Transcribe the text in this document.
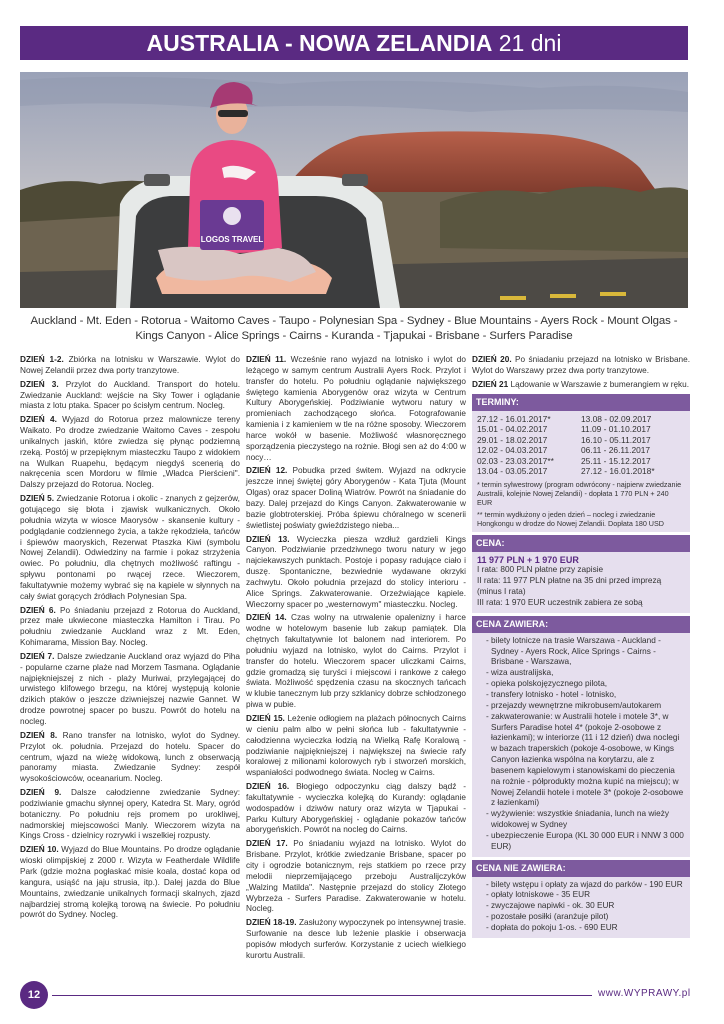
AUSTRALIA - NOWA ZELANDIA 21 dni
LOGOS TRAVEL
Auckland - Mt. Eden - Rotorua - Waitomo Caves - Taupo - Polynesian Spa - Sydney - Blue Mountains - Ayers Rock - Mount Olgas - Kings Canyon - Alice Springs - Cairns - Kuranda - Tjapukai - Brisbane - Surfers Paradise

DZIEŃ 1-2. Zbiórka na lotnisku w Warszawie. Wylot do Nowej Zelandii przez dwa porty tranzytowe.

DZIEŃ 3. Przylot do Auckland. Transport do hotelu. Zwiedzanie Auckland: wejście na Sky Tower i oglądanie miasta z lotu ptaka. Spacer po ścisłym centrum. Nocleg.

DZIEŃ 4. Wyjazd do Rotorua przez malownicze tereny Waikato. Po drodze zwiedzanie Waitomo Caves - zespołu unikalnych jaskiń, które zwiedza się płynąc podziemną rzeką. Postój w przepięknym miasteczku Taupo z widokiem na Wulkan Ruapehu, będącym niegdyś scenerią do nakręcenia scen Mordoru w filmie „Władca Pierścieni". Dalszy przejazd do Rotorua. Nocleg.

DZIEŃ 5. Zwiedzanie Rotorua i okolic - znanych z gejzerów, gotującego się błota i zjawisk wulkanicznych. Około południa wizyta w wiosce Maorysów - skansenie kultury - podglądanie codziennego życia, a także rękodzieła, tańców i śpiewów maoryskich, Rezerwat Ptaszka Kiwi (symbolu Nowej Zelandii). Odwiedziny na farmie i pokaz strzyżenia owiec. Po południu, dla chętnych możliwość raftingu - spływu pontonami po rwącej rzece. Wieczorem, fakultatywnie możemy wybrać się na kąpiele w słynnych na cały świat gorących źródłach Polynesian Spa.

DZIEŃ 6. Po śniadaniu przejazd z Rotorua do Auckland, przez małe ukwiecone miasteczka Hamilton i Tirau. Po południu zwiedzanie Auckland wraz z Mt. Eden, Kohimarama, Mission Bay. Nocleg.

DZIEŃ 7. Dalsze zwiedzanie Auckland oraz wyjazd do Piha - popularne czarne plaże nad Morzem Tasmana. Oglądanie najpiękniejszej z nich - plaży Muriwai, przylegającej do urwistego klifowego brzegu, na której występują kolonie dzikich ptaków o jeszcze dziwniejszej nazwie Gannet. W drodze powrotnej spacer po buszu. Powrót do hotelu na nocleg.

DZIEŃ 8. Rano transfer na lotnisko, wylot do Sydney. Przylot ok. południa. Przejazd do hotelu. Spacer do centrum, wjazd na wieżę widokową, lunch z obserwacją panoramy miasta. Zwiedzanie Sydney: zespół wysokościowców, oceanarium. Nocleg.

DZIEŃ 9. Dalsze całodzienne zwiedzanie Sydney: podziwianie gmachu słynnej opery, Katedra St. Mary, ogród botaniczny. Po południu rejs promem po urokliwej, nadmorskiej miejscowości Manly. Wieczorem wizyta na Kings Cross - dzielnicy rozrywki i wszelkiej rozpusty.

DZIEŃ 10. Wyjazd do Blue Mountains. Po drodze oglądanie wioski olimpijskiej z 2000 r. Wizyta w Featherdale Wildlife Park (gdzie można pogłaskać misie koala, dostać kopa od kangura, usiąść na jaju strusia, itp.). Dalej jazda do Blue Mountains, zwiedzanie unikalnych formacji skalnych, zjazd najbardziej stromą kolejką torową na świecie. Po południu powrót do Sydney. Nocleg.

DZIEŃ 11. Wcześnie rano wyjazd na lotnisko i wylot do leżącego w samym centrum Australii Ayers Rock. Przylot i transfer do hotelu. Po południu oglądanie największego świętego kamienia Aborygenów oraz wizyta w Centrum Kultury Aborygeńskiej. Podziwianie wytworu natury w promieniach zachodzącego słońca. Fotografowanie kamienia i z kamieniem w tle na różne sposoby. Wieczorem harce wokół w basenie. Możliwość własnoręcznego sporządzenia pieczystego na rożnie. Błogi sen aż do 4:00 w nocy…

DZIEŃ 12. Pobudka przed świtem. Wyjazd na odkrycie jeszcze innej świętej góry Aborygenów - Kata Tjuta (Mount Olgas) oraz spacer Doliną Wiatrów. Powrót na śniadanie do bazy. Dalej przejazd do Kings Canyon. Zakwaterowanie w bazie globtroterskiej. Próba śpiewu chóralnego w scenerii świetlistej poświaty gwieździstego nieba...

DZIEŃ 13. Wycieczka piesza wzdłuż gardzieli Kings Canyon. Podziwianie przedziwnego tworu natury w jego najciekawszych punktach. Postoje i popasy radujące ciało i duszę. Spontaniczne, bezwiednie wydawane okrzyki zachwytu. Około południa przejazd do stolicy interioru - Alice Springs. Zakwaterowanie. Orzeźwiające kąpiele. Wieczorny spacer po „westernowym" miasteczku. Nocleg.

DZIEŃ 14. Czas wolny na utrwalenie opalenizny i harce wodne w hotelowym basenie lub zakup pamiątek. Dla chętnych fakultatywnie lot balonem nad interiorem. Po południu wyjazd na lotnisko, wylot do Cairns. Przylot i transfer do hotelu. Wieczorem spacer uliczkami Cairns, gdzie gromadzą się turyści i miejscowi i rankowe z całego świata. Możliwość spędzenia czasu na skocznych tańcach w klubie tanecznym lub przy szklanicy dobrze schłodzonego piwa w pubie.

DZIEŃ 15. Leżenie odłogiem na plażach północnych Cairns w cieniu palm albo w pełni słońca lub - fakultatywnie - całodzienna wycieczka łodzią na Wielką Rafę Koralową - podziwianie najpiękniejszej i największej na świecie rafy koralowej z milionami kolorowych ryb i stworzeń morskich, wspaniałości podwodnego świata. Nocleg w Cairns.

DZIEŃ 16. Błogiego odpoczynku ciąg dalszy bądź - fakultatywnie - wycieczka kolejką do Kurandy: oglądanie wodospadów i dziwów natury oraz wizyta w Tjapukai - Parku Kultury Aborygeńskiej - oglądanie pokazów tańców aborygeńskich. Powrót na nocleg do Cairns.

DZIEŃ 17. Po śniadaniu wyjazd na lotnisko. Wylot do Brisbane. Przylot, krótkie zwiedzanie Brisbane, spacer po city i ogrodzie botanicznym, rejs statkiem po rzece przy melodii nieprzemijającego przeboju Australijczyków „Walzing Matilda". Następnie przejazd do stolicy Złotego Wybrzeża - Surfers Paradise. Zakwaterowanie w hotelu. Nocleg.

DZIEŃ 18-19. Zasłużony wypoczynek po intensywnej trasie. Surfowanie na desce lub leżenie plaskie i obserwacja popisów młodych surferów. Korzystanie z uciech wielkiego kurortu Australii.

DZIEŃ 20. Po śniadaniu przejazd na lotnisko w Brisbane. Wylot do Warszawy przez dwa porty tranzytowe.

DZIEŃ 21 Lądowanie w Warszawie z bumerangiem w ręku.

TERMINY:
27.12 - 16.01.2017*	13.08 - 02.09.2017
15.01 - 04.02.2017	11.09 - 01.10.2017
29.01 - 18.02.2017	16.10 - 05.11.2017
12.02 - 04.03.2017	06.11 - 26.11.2017
02.03 - 23.03.2017**	25.11 - 15.12.2017
13.04 - 03.05.2017	27.12 - 16.01.2018*

* termin sylwestrowy (program odwrócony - najpierw zwiedzanie Australii, kolejnie Nowej Zelandii) - dopłata 1 770 PLN + 240 EUR

** termin wydłużony o jeden dzień – nocleg i zwiedzanie Hongkongu w drodze do Nowej Zelandii. Dopłata 180 USD

CENA:

11 977 PLN + 1 970 EUR

I rata: 800 PLN płatne przy zapisie

II rata: 11 977 PLN płatne na 35 dni przed imprezą (minus I rata)

III rata: 1 970 EUR uczestnik zabiera ze sobą

CENA ZAWIERA:

- bilety lotnicze na trasie Warszawa - Auckland - Sydney - Ayers Rock, Alice Springs - Cairns - Brisbane - Warszawa,

- wiza australijska,

- opieka polskojęzycznego pilota,

- transfery lotnisko - hotel - lotnisko,

- przejazdy wewnętrzne mikrobusem/autokarem

- zakwaterowanie: w Australii hotele i motele 3*, w Surfers Paradise hotel 4* (pokoje 2-osobowe z łazienkami); w interiorze (11 i 12 dzień) dwa noclegi w bazach traperskich (pokoje 4-osobowe, w Kings Canyon łazienka wspólna na korytarzu, ale z basenem kąpielowym i stanowiskami do pieczenia na rożnie - półprodukty można kupić na miejscu); w Nowej Zelandii hotele i motele 3* (pokoje 2-osobowe z łazienkami)

- wyżywienie: wszystkie śniadania, lunch na wieży widokowej w Sydney

- ubezpieczenie Europa (KL 30 000 EUR i NNW 3 000 EUR)

CENA NIE ZAWIERA:

- bilety wstępu i opłaty za wjazd do parków - 190 EUR

- opłaty lotniskowe - 35 EUR

- zwyczajowe napiwki - ok. 30 EUR

- pozostałe posiłki (aranżuje pilot)

- dopłata do pokoju 1-os. - 690 EUR

12	www.WYPRAWY.pl
